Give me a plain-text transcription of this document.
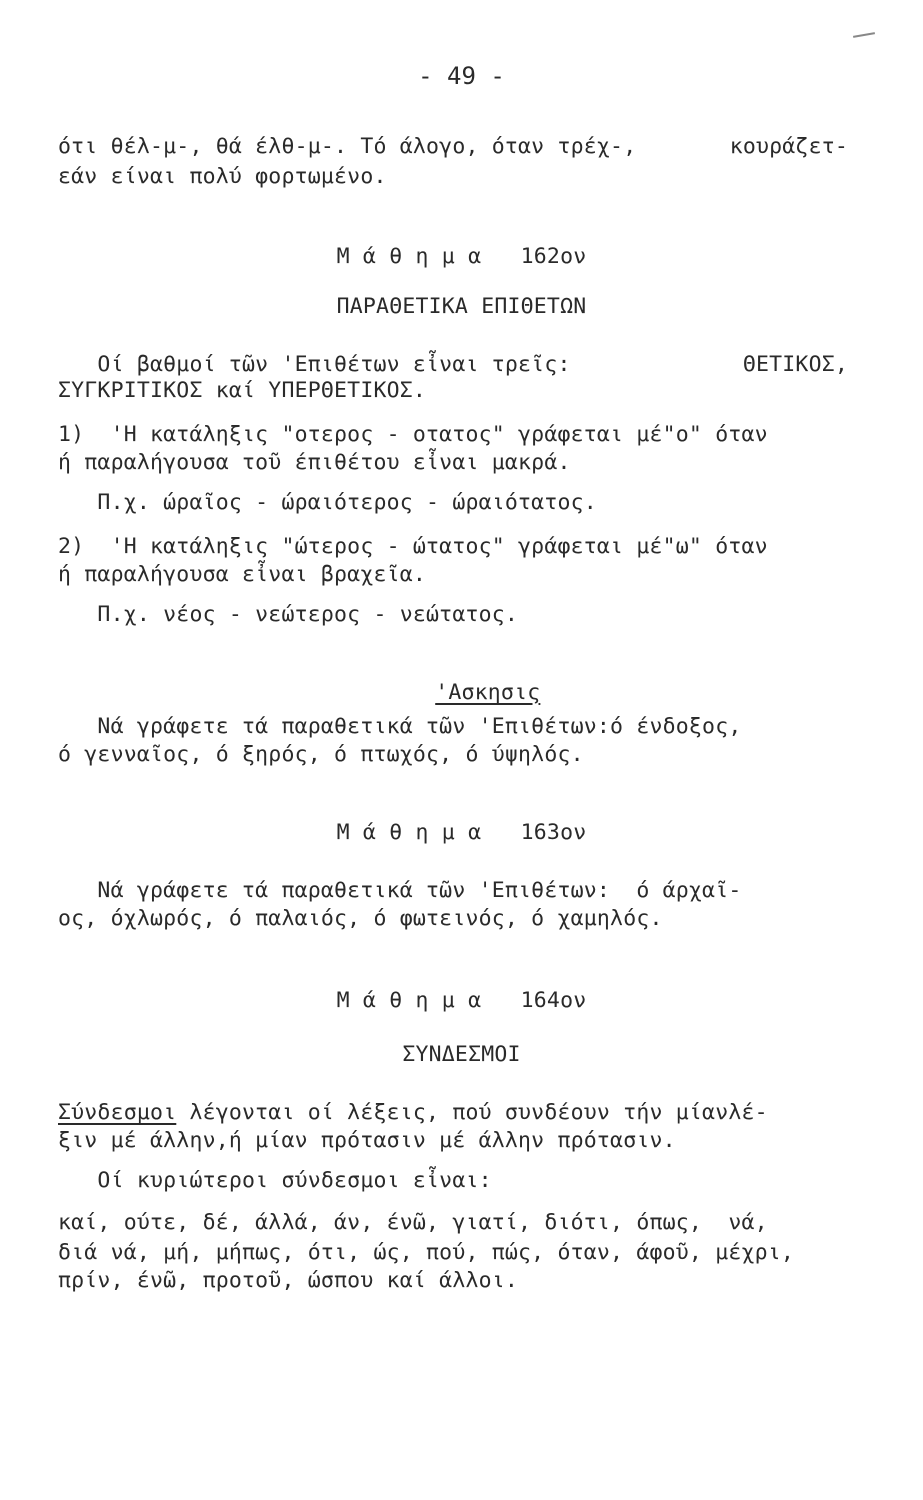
- 49 -
ότι θέλ-μ-, θά έλθ-μ-. Τό άλογο, όταν τρέχ-,	κουράζετ-
εάν είναι πολύ φορτωμένο.
Μ ά θ η μ α   162ον
ΠΑΡΑΘΕΤΙΚΑ ΕΠΙΘΕΤΩΝ
Οί βαθμοί τῶν 'Επιθέτων εἶναι τρεῖς:	ΘΕΤΙΚΟΣ,
ΣΥΓΚΡΙΤΙΚΟΣ καί ΥΠΕΡΘΕΤΙΚΟΣ.
1)  'Η κατάληξις "οτερος - οτατος" γράφεται μέ"ο" όταν
ή παραλήγουσα τοῦ έπιθέτου εἶναι μακρά.
Π.χ. ώραῖος - ώραιότερος - ώραιότατος.
2)  'Η κατάληξις "ώτερος - ώτατος" γράφεται μέ"ω" όταν
ή παραλήγουσα εἶναι βραχεῖα.
Π.χ. νέος - νεώτερος - νεώτατος.

'Ασκησις

Νά γράφετε τά παραθετικά τῶν 'Επιθέτων:ό ένδοξος,
ό γενναῖος, ό ξηρός, ό πτωχός, ό ύψηλός.
Μ ά θ η μ α   163ον
Νά γράφετε τά παραθετικά τῶν 'Επιθέτων:  ό άρχαῖ-
ος, όχλωρός, ό παλαιός, ό φωτεινός, ό χαμηλός.
Μ ά θ η μ α   164ον
ΣΥΝΔΕΣΜΟΙ
Σύνδεσμοι λέγονται οί λέξεις, πού συνδέουν τήν μίανλέ-
ξιν μέ άλλην,ή μίαν πρότασιν μέ άλλην πρότασιν.
Οί κυριώτεροι σύνδεσμοι εἶναι:
καί, ούτε, δέ, άλλά, άν, ένῶ, γιατί, διότι, όπως,  νά,
διά νά, μή, μήπως, ότι, ώς, πού, πώς, όταν, άφοῦ, μέχρι,
πρίν, ένῶ, προτοῦ, ώσπου καί άλλοι.
